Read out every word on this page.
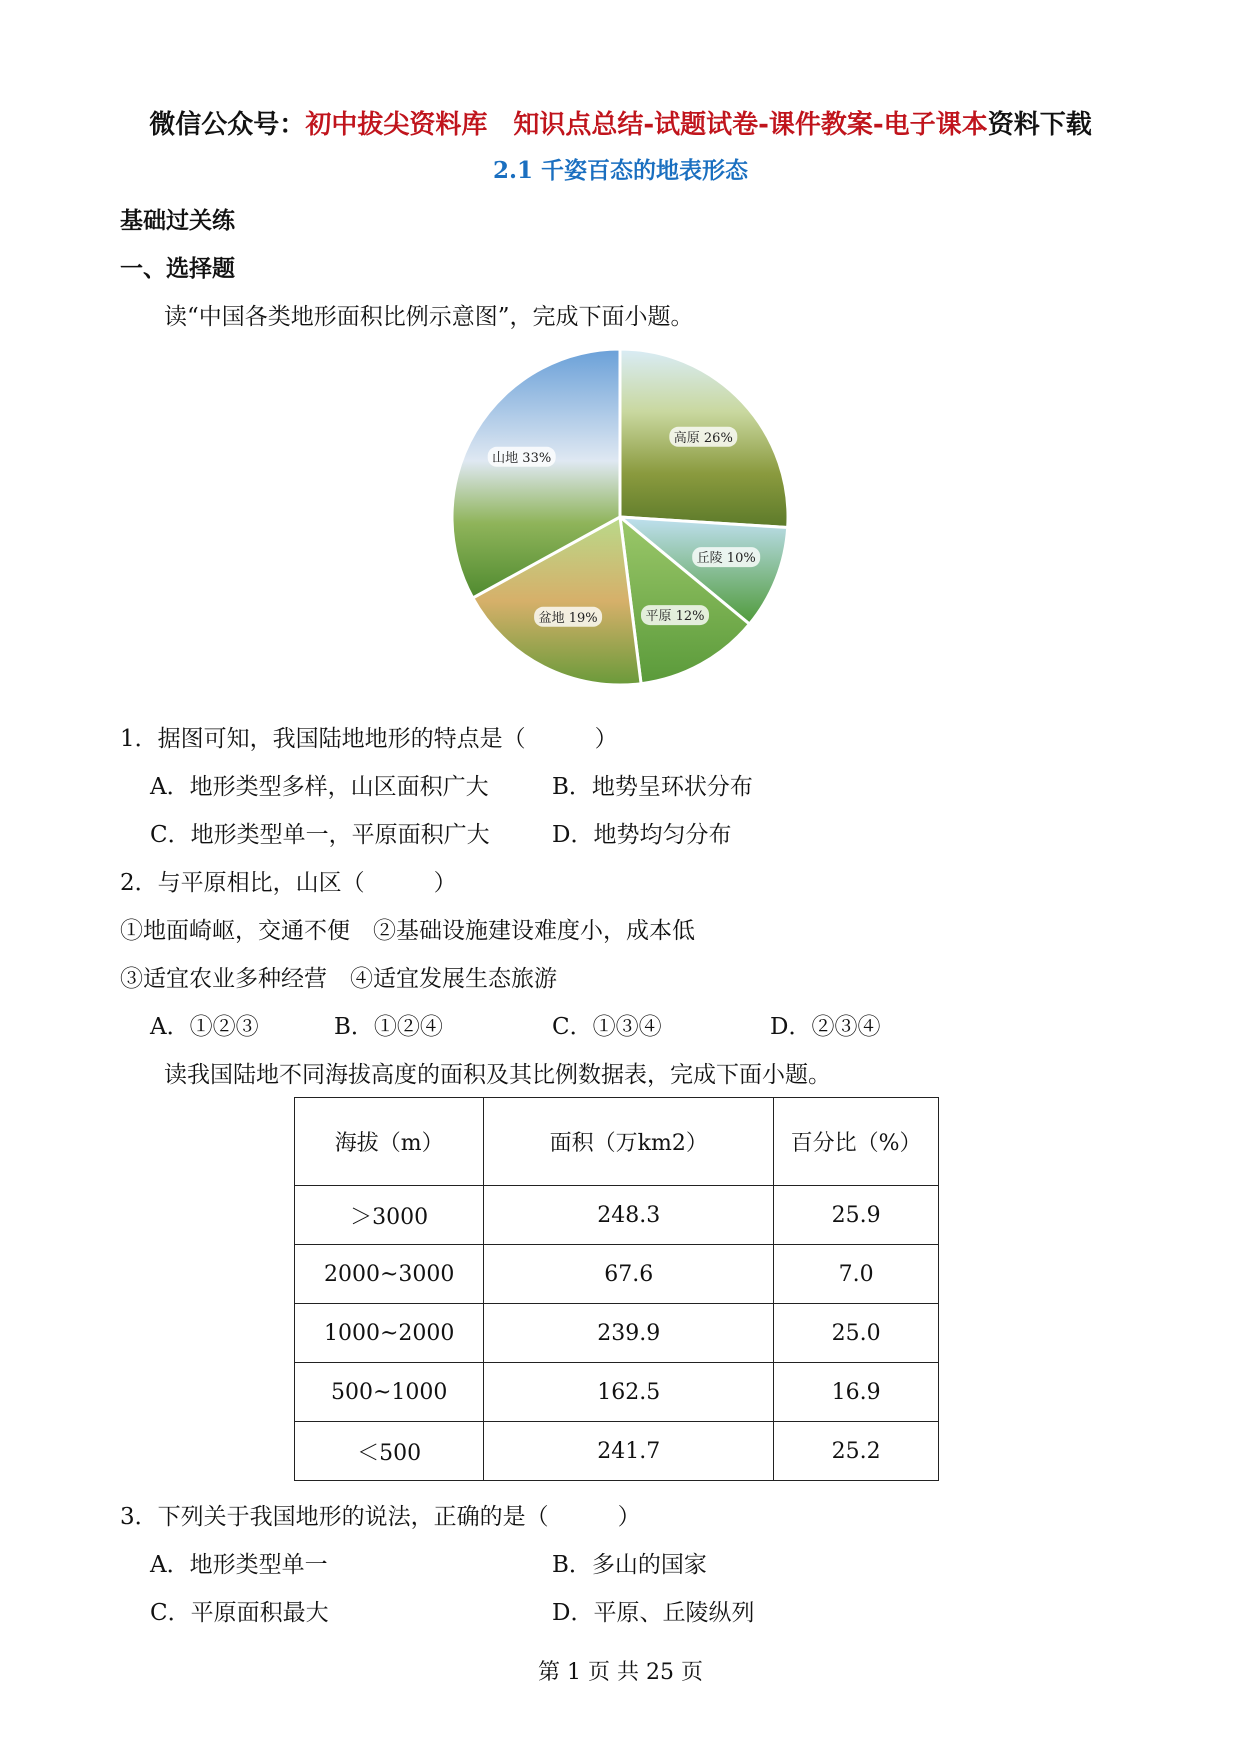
微信公众号：初中拔尖资料库　知识点总结-试题试卷-课件教案-电子课本资料下载
2.1 千姿百态的地表形态
基础过关练
一、选择题
读“中国各类地形面积比例示意图”，完成下面小题。
高原 26%
丘陵 10%
平原 12%
盆地 19%
山地 33%
1．据图可知，我国陆地地形的特点是（　　　）
A．地形类型多样，山区面积广大	B．地势呈环状分布
C．地形类型单一，平原面积广大	D．地势均匀分布
2．与平原相比，山区（　　　）
①地面崎岖，交通不便　②基础设施建设难度小，成本低
③适宜农业多种经营　④适宜发展生态旅游
A．①②③	B．①②④	C．①③④	D．②③④
读我国陆地不同海拔高度的面积及其比例数据表，完成下面小题。
海拔（m）	面积（万km2）	百分比（%）
＞3000	248.3	25.9
2000~3000	67.6	7.0
1000~2000	239.9	25.0
500~1000	162.5	16.9
＜500	241.7	25.2
3．下列关于我国地形的说法，正确的是（　　　）
A．地形类型单一	B．多山的国家
C．平原面积最大	D．平原、丘陵纵列
第 1 页 共 25 页
